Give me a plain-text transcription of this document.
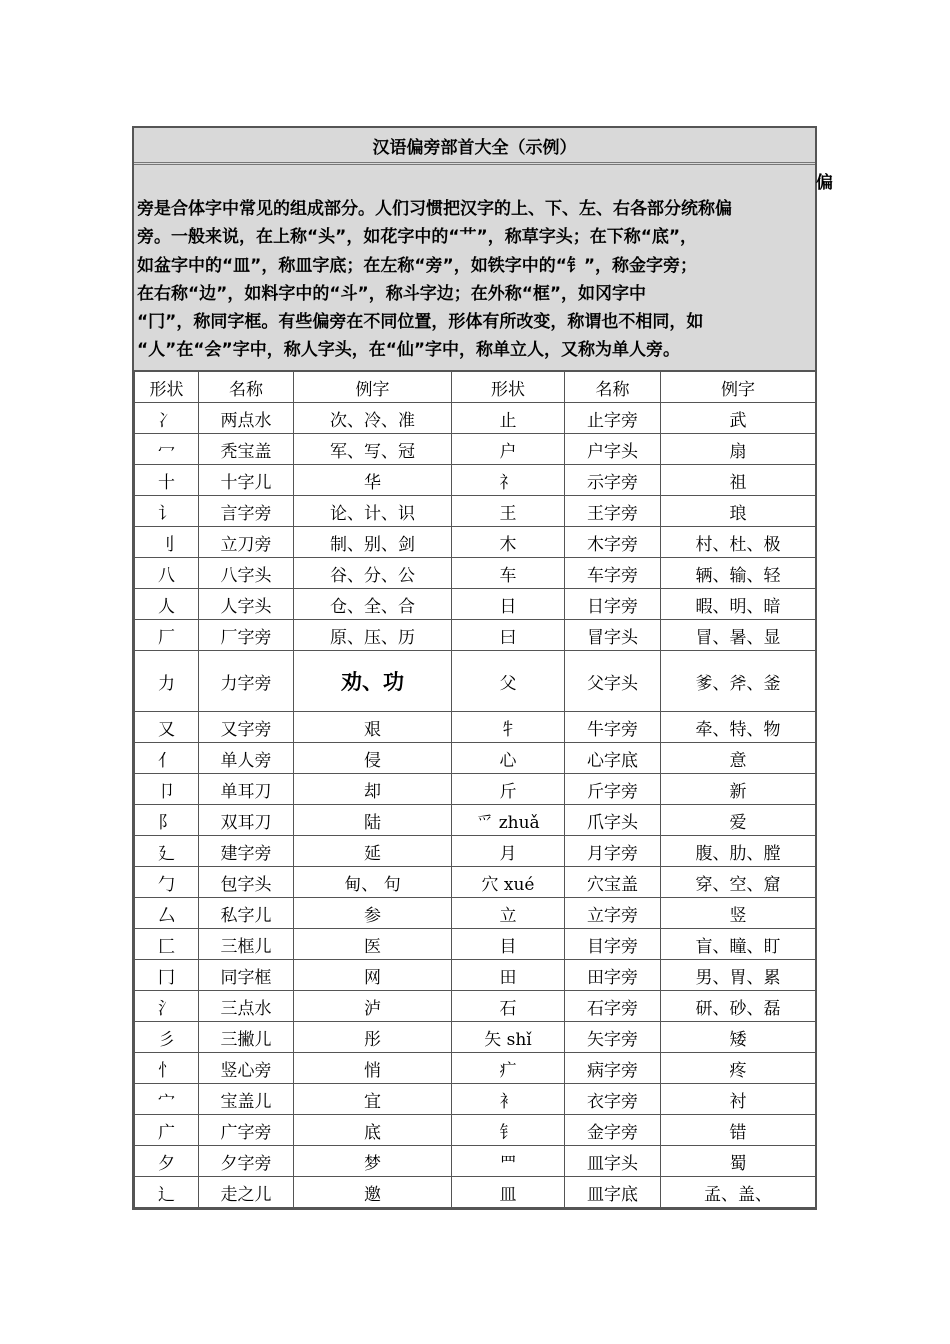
汉语偏旁部首大全（示例）
旁是合体字中常见的组成部分。人们习惯把汉字的上、下、左、右各部分统称偏
旁。一般来说，在上称“头”，如花字中的“艹”，称草字头；在下称“底”，
如盆字中的“皿”，称皿字底；在左称“旁”，如铁字中的“钅”，称金字旁；
在右称“边”，如料字中的“斗”，称斗字边；在外称“框”，如冈字中
“冂”，称同字框。有些偏旁在不同位置，形体有所改变，称谓也不相同，如
“人”在“会”字中，称人字头，在“仙”字中，称单立人，又称为单人旁。
形状	名称	例字	形状	名称	例字
冫	两点水	次、冷、准	止	止字旁	武
冖	秃宝盖	军、写、冠	户	户字头	扇
十	十字儿	华	礻	示字旁	祖
讠	言字旁	论、计、识	王	王字旁	琅
刂	立刀旁	制、别、剑	木	木字旁	村、杜、极
八	八字头	谷、分、公	车	车字旁	辆、输、轻
人	人字头	仓、全、合	日	日字旁	暇、明、暗
厂	厂字旁	原、压、历	曰	冒字头	冒、暑、显
力	力字旁	劝、功	父	父字头	爹、斧、釜
又	又字旁	艰	牜	牛字旁	牵、特、物
亻	单人旁	侵	心	心字底	意
卩	单耳刀	却	斤	斤字旁	新
阝	双耳刀	陆	爫 zhuǎ	爪字头	爱
廴	建字旁	延	月	月字旁	腹、肋、膛
勹	包字头	甸、 句	穴 xué	穴宝盖	穿、空、窟
厶	私字儿	参	立	立字旁	竖
匚	三框儿	医	目	目字旁	盲、瞳、盯
冂	同字框	网	田	田字旁	男、胃、累
氵	三点水	泸	石	石字旁	研、砂、磊
彡	三撇儿	彤	矢 shǐ	矢字旁	矮
忄	竖心旁	悄	疒	病字旁	疼
宀	宝盖儿	宜	衤	衣字旁	衬
广	广字旁	底	钅	金字旁	错
夕	夕字旁	梦	罒	皿字头	蜀
辶	走之儿	邀	皿	皿字底	孟、盖、
偏
